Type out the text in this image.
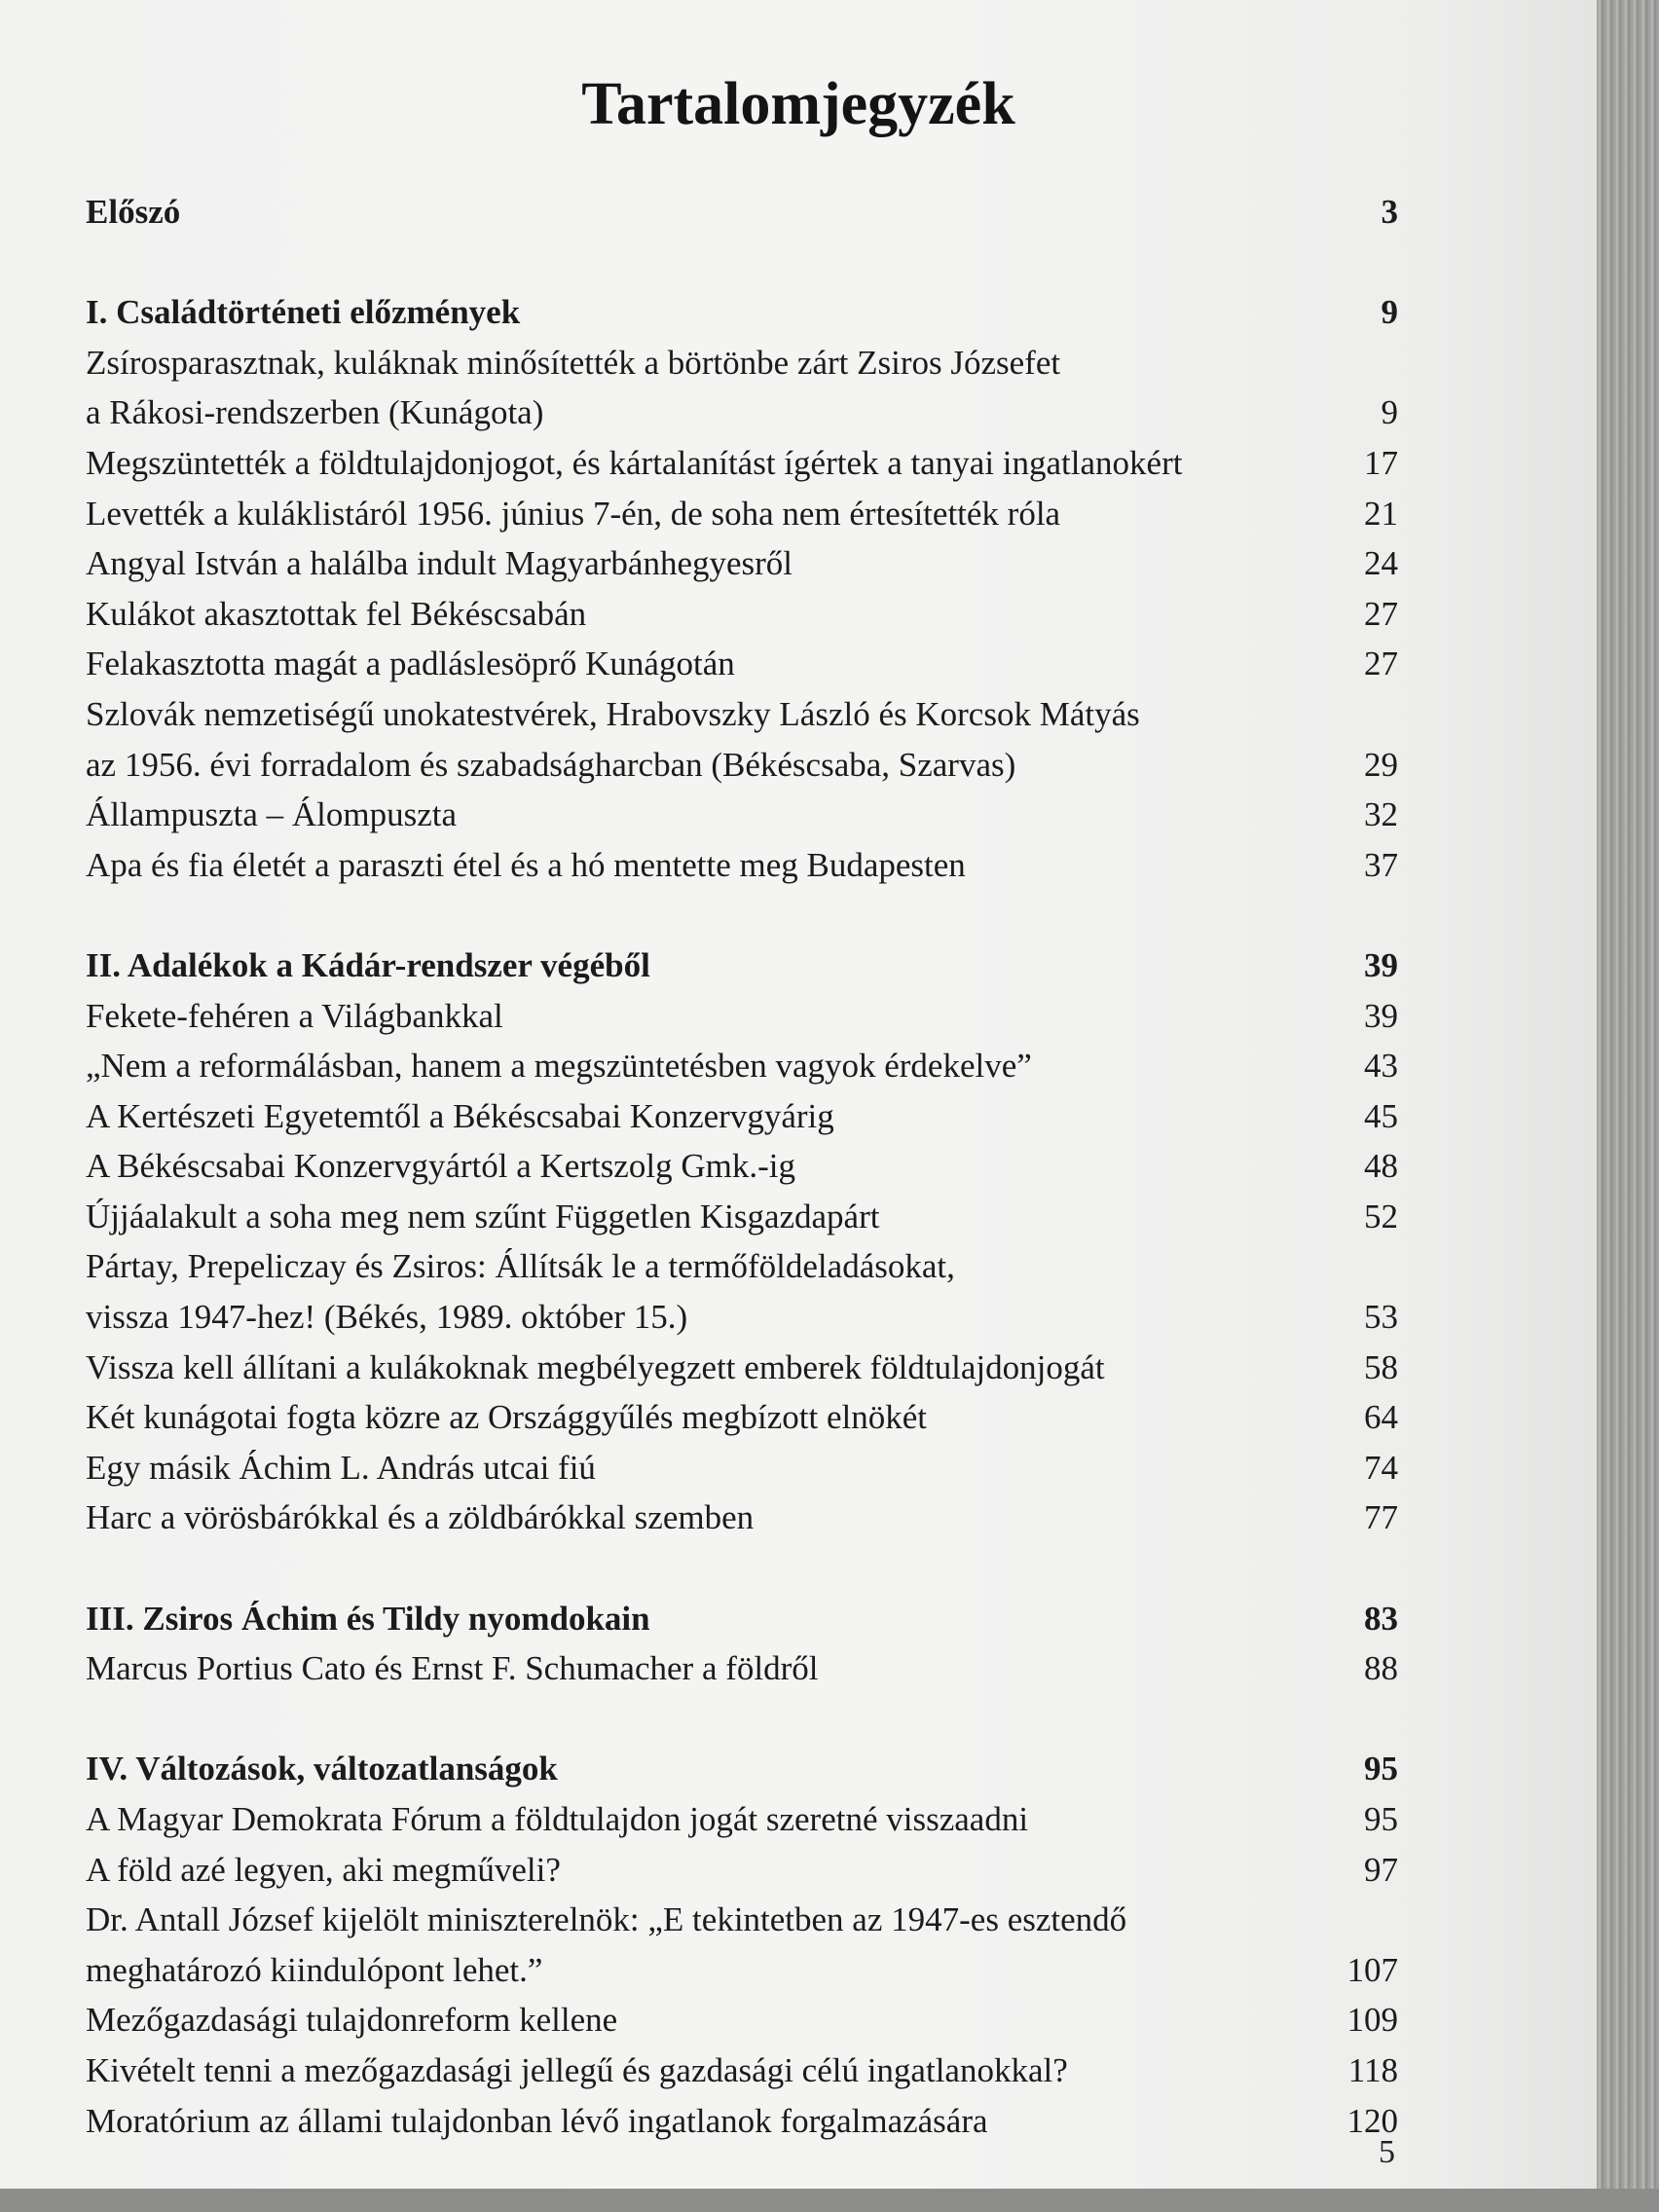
Tartalomjegyzék
Előszó	3
I. Családtörténeti előzmények	9
Zsírosparasztnak, kuláknak minősítették a börtönbe zárt Zsiros Józsefet
a Rákosi-rendszerben (Kunágota)	9
Megszüntették a földtulajdonjogot, és kártalanítást ígértek a tanyai ingatlanokért	17
Levették a kuláklistáról 1956. június 7-én, de soha nem értesítették róla	21
Angyal István a halálba indult Magyarbánhegyesről	24
Kulákot akasztottak fel Békéscsabán	27
Felakasztotta magát a padláslesöprő Kunágotán	27
Szlovák nemzetiségű unokatestvérek, Hrabovszky László és Korcsok Mátyás
az 1956. évi forradalom és szabadságharcban (Békéscsaba, Szarvas)	29
Állampuszta – Álompuszta	32
Apa és fia életét a paraszti étel és a hó mentette meg Budapesten	37
II. Adalékok a Kádár-rendszer végéből	39
Fekete-fehéren a Világbankkal	39
„Nem a reformálásban, hanem a megszüntetésben vagyok érdekelve”	43
A Kertészeti Egyetemtől a Békéscsabai Konzervgyárig	45
A Békéscsabai Konzervgyártól a Kertszolg Gmk.-ig	48
Újjáalakult a soha meg nem szűnt Független Kisgazdapárt	52
Pártay, Prepeliczay és Zsiros: Állítsák le a termőföldeladásokat,
vissza 1947-hez! (Békés, 1989. október 15.)	53
Vissza kell állítani a kulákoknak megbélyegzett emberek földtulajdonjogát	58
Két kunágotai fogta közre az Országgyűlés megbízott elnökét	64
Egy másik Áchim L. András utcai fiú	74
Harc a vörösbárókkal és a zöldbárókkal szemben	77
III. Zsiros Áchim és Tildy nyomdokain	83
Marcus Portius Cato és Ernst F. Schumacher a földről	88
IV. Változások, változatlanságok	95
A Magyar Demokrata Fórum a földtulajdon jogát szeretné visszaadni	95
A föld azé legyen, aki megműveli?	97
Dr. Antall József kijelölt miniszterelnök: „E tekintetben az 1947-es esztendő
meghatározó kiindulópont lehet.”	107
Mezőgazdasági tulajdonreform kellene	109
Kivételt tenni a mezőgazdasági jellegű és gazdasági célú ingatlanokkal?	118
Moratórium az állami tulajdonban lévő ingatlanok forgalmazására	120
5
